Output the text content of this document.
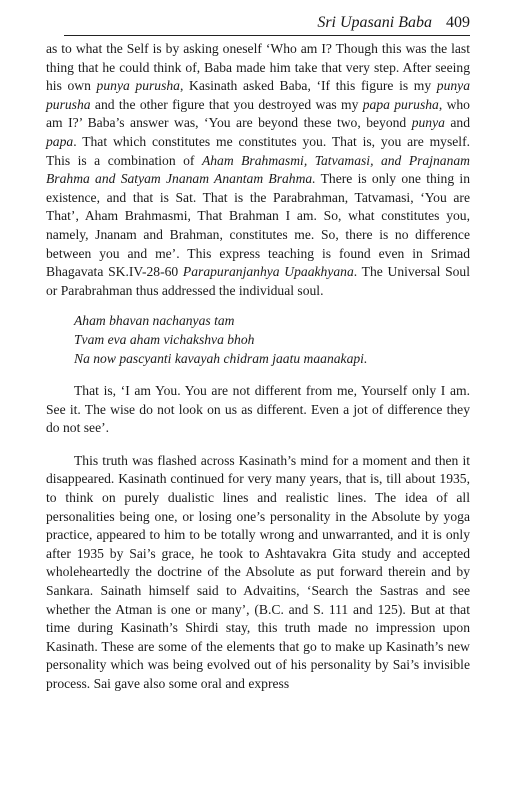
Sri Upasani Baba 409

as to what the Self is by asking oneself ‘Who am I? Though this was the last thing that he could think of, Baba made him take that very step. After seeing his own punya purusha, Kasinath asked Baba, ‘If this figure is my punya purusha and the other figure that you destroyed was my papa purusha, who am I?’ Baba’s answer was, ‘You are beyond these two, beyond punya and papa. That which constitutes me constitutes you. That is, you are myself. This is a combination of Aham Brahmasmi, Tatvamasi, and Prajnanam Brahma and Satyam Jnanam Anantam Brahma. There is only one thing in existence, and that is Sat. That is the Parabrahman, Tatvamasi, ‘You are That’, Aham Brahmasmi, That Brahman I am. So, what constitutes you, namely, Jnanam and Brahman, constitutes me. So, there is no difference between you and me’. This express teaching is found even in Srimad Bhagavata SK.IV-28-60 Parapuranjanhya Upaakhyana. The Universal Soul or Parabrahman thus addressed the individual soul.

Aham bhavan nachanyas tam
Tvam eva aham vichakshva bhoh
Na now pascyanti kavayah chidram jaatu maanakapi.

That is, ‘I am You. You are not different from me, Yourself only I am. See it. The wise do not look on us as different. Even a jot of difference they do not see’.

This truth was flashed across Kasinath’s mind for a moment and then it disappeared. Kasinath continued for very many years, that is, till about 1935, to think on purely dualistic lines and realistic lines. The idea of all personalities being one, or losing one’s personality in the Absolute by yoga practice, appeared to him to be totally wrong and unwarranted, and it is only after 1935 by Sai’s grace, he took to Ashtavakra Gita study and accepted wholeheartedly the doctrine of the Absolute as put forward therein and by Sankara. Sainath himself said to Advaitins, ‘Search the Sastras and see whether the Atman is one or many’, (B.C. and S. 111 and 125). But at that time during Kasinath’s Shirdi stay, this truth made no impression upon Kasinath. These are some of the elements that go to make up Kasinath’s new personality which was being evolved out of his personality by Sai’s invisible process. Sai gave also some oral and express
